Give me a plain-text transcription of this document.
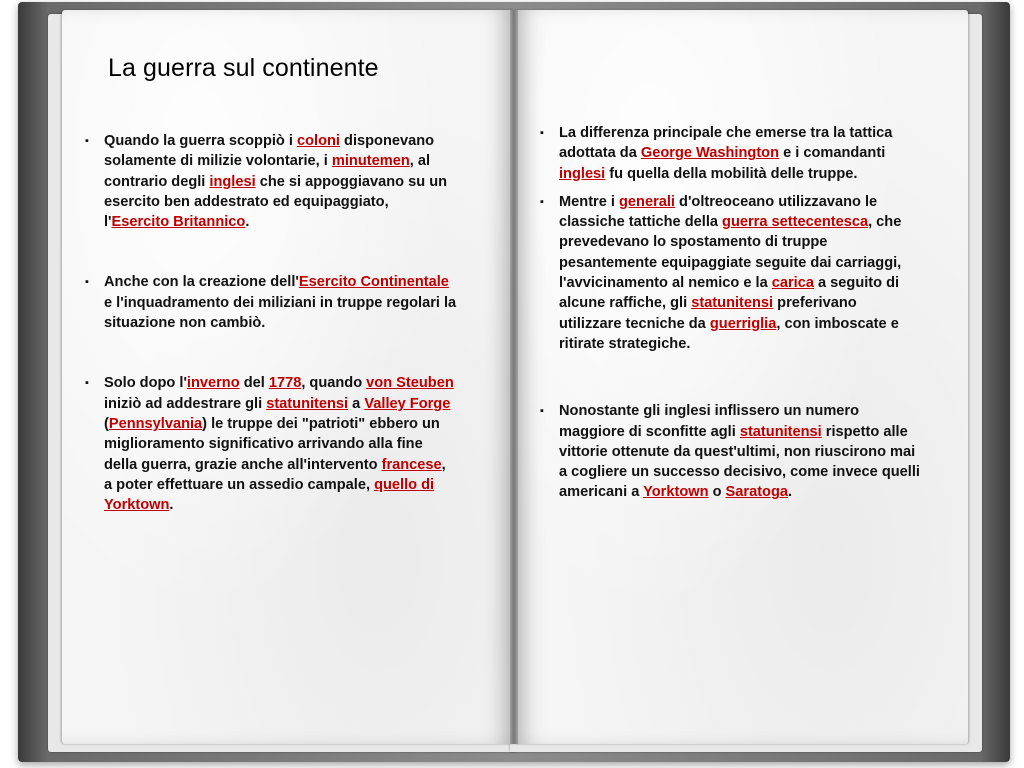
La guerra sul continente
▪ Quando la guerra scoppiò i coloni disponevano solamente di milizie volontarie, i minutemen, al contrario degli inglesi che si appoggiavano su un esercito ben addestrato ed equipaggiato, l'Esercito Britannico.
▪ Anche con la creazione dell'Esercito Continentale e l'inquadramento dei miliziani in truppe regolari la situazione non cambiò.
▪ Solo dopo l'inverno del 1778, quando von Steuben iniziò ad addestrare gli statunitensi a Valley Forge (Pennsylvania) le truppe dei "patrioti" ebbero un miglioramento significativo arrivando alla fine della guerra, grazie anche all'intervento francese, a poter effettuare un assedio campale, quello di Yorktown.
▪ La differenza principale che emerse tra la tattica adottata da George Washington e i comandanti inglesi fu quella della mobilità delle truppe.
▪ Mentre i generali d'oltreoceano utilizzavano le classiche tattiche della guerra settecentesca, che prevedevano lo spostamento di truppe pesantemente equipaggiate seguite dai carriaggi, l'avvicinamento al nemico e la carica a seguito di alcune raffiche, gli statunitensi preferivano utilizzare tecniche da guerriglia, con imboscate e ritirate strategiche.
▪ Nonostante gli inglesi inflissero un numero maggiore di sconfitte agli statunitensi rispetto alle vittorie ottenute da quest'ultimi, non riuscirono mai a cogliere un successo decisivo, come invece quelli americani a Yorktown o Saratoga.
